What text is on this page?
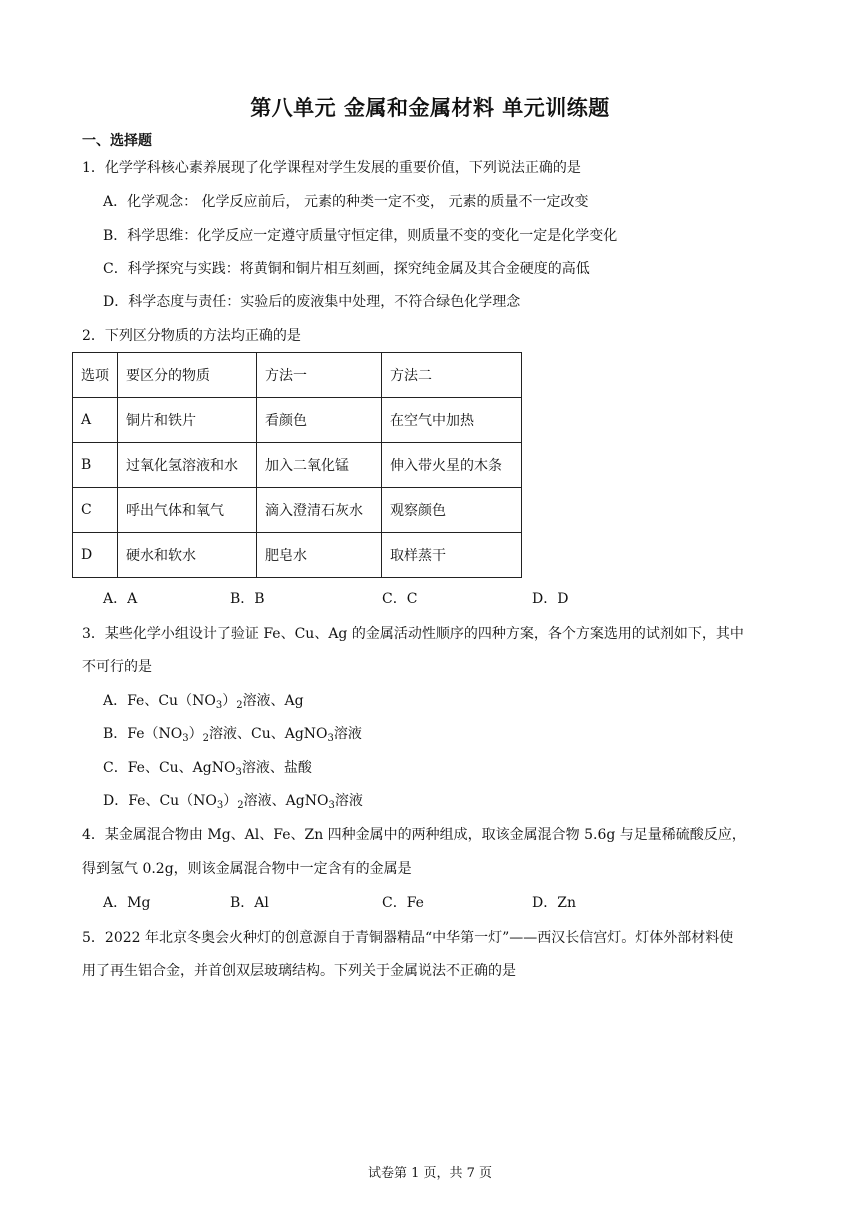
第八单元 金属和金属材料 单元训练题
一、选择题
1．化学学科核心素养展现了化学课程对学生发展的重要价值，下列说法正确的是
A．化学观念： 化学反应前后， 元素的种类一定不变， 元素的质量不一定改变
B．科学思维：化学反应一定遵守质量守恒定律，则质量不变的变化一定是化学变化
C．科学探究与实践：将黄铜和铜片相互刻画，探究纯金属及其合金硬度的高低
D．科学态度与责任：实验后的废液集中处理，不符合绿色化学理念
2．下列区分物质的方法均正确的是
选项	要区分的物质	方法一	方法二
A	铜片和铁片	看颜色	在空气中加热
B	过氧化氢溶液和水	加入二氧化锰	伸入带火星的木条
C	呼出气体和氧气	滴入澄清石灰水	观察颜色
D	硬水和软水	肥皂水	取样蒸干
A．A	B．B	C．C	D．D
3．某些化学小组设计了验证 Fe、Cu、Ag 的金属活动性顺序的四种方案，各个方案选用的试剂如下，其中
不可行的是
A．Fe、$Cu(NO_3)_2$溶液、Ag
B．$Fe(NO_3)_2$溶液、Cu、AgNO$_3$溶液
C．Fe、Cu、AgNO$_3$溶液、盐酸
D．Fe、$Cu(NO_3)_2$溶液、AgNO$_3$溶液
4．某金属混合物由 Mg、Al、Fe、Zn 四种金属中的两种组成，取该金属混合物 5.6g 与足量稀硫酸反应，
得到氢气 0.2g，则该金属混合物中一定含有的金属是
A．Mg	B．Al	C．Fe	D．Zn
5．2022 年北京冬奥会火种灯的创意源自于青铜器精品“中华第一灯”——西汉长信宫灯。灯体外部材料使
用了再生铝合金，并首创双层玻璃结构。下列关于金属说法不正确的是
试卷第 1 页，共 7 页
